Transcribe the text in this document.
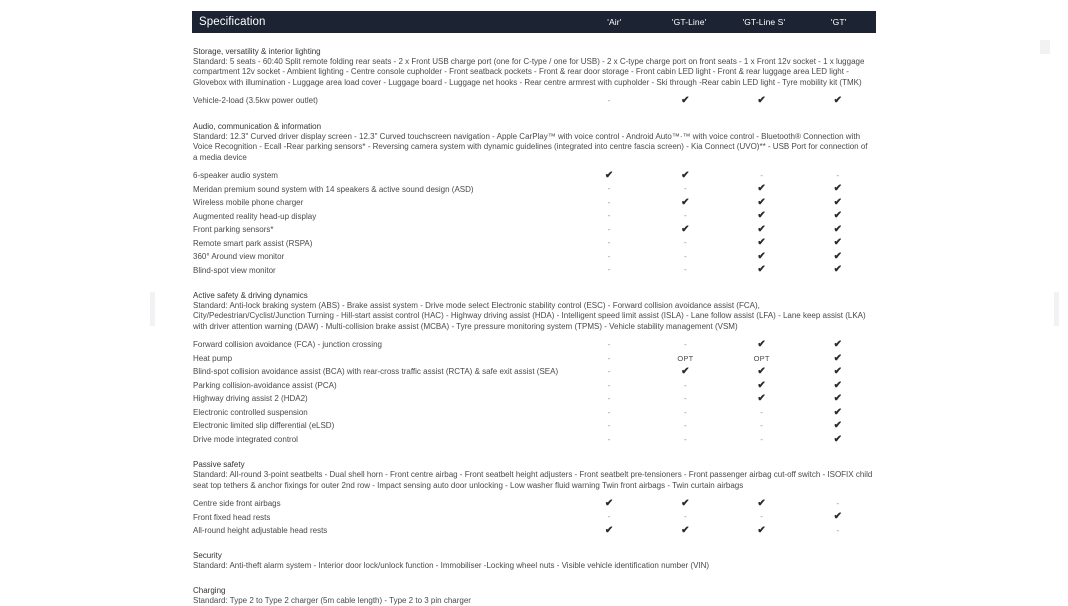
Specification	'Air'	'GT-Line'	'GT-Line S'	'GT'
Storage, versatility & interior lighting
Standard: 5 seats - 60:40 Split remote folding rear seats - 2 x Front USB charge port (one for C-type / one for USB) - 2 x C-type charge port on front seats - 1 x Front 12v socket - 1 x luggage compartment 12v socket - Ambient lighting - Centre console cupholder - Front seatback pockets - Front & rear door storage - Front cabin LED light - Front & rear luggage area LED light - Glovebox with illumination - Luggage area load cover - Luggage board - Luggage net hooks - Rear centre armrest with cupholder - Ski through -Rear cabin LED light - Tyre mobility kit (TMK)
Vehicle-2-load (3.5kw power outlet)	-	✔	✔	✔
Audio, communication & information
Standard: 12.3" Curved driver display screen - 12.3" Curved touchscreen navigation - Apple CarPlay™ with voice control - Android Auto™·™ with voice control - Bluetooth® Connection with Voice Recognition - Ecall -Rear parking sensors* - Reversing camera system with dynamic guidelines (integrated into centre fascia screen) - Kia Connect (UVO)** - USB Port for connection of a media device
6-speaker audio system	✔	✔	-	-
Meridan premium sound system with 14 speakers & active sound design (ASD)	-	-	✔	✔
Wireless mobile phone charger	-	✔	✔	✔
Augmented reality head-up display	-	-	✔	✔
Front parking sensors*	-	✔	✔	✔
Remote smart park assist (RSPA)	-	-	✔	✔
360° Around view monitor	-	-	✔	✔
Blind-spot view monitor	-	-	✔	✔
Active safety & driving dynamics
Standard: Anti-lock braking system (ABS) - Brake assist system - Drive mode select Electronic stability control (ESC) - Forward collision avoidance assist (FCA), City/Pedestrian/Cyclist/Junction Turning - Hill-start assist control (HAC) - Highway driving assist (HDA) - Intelligent speed limit assist (ISLA) - Lane follow assist (LFA) - Lane keep assist (LKA) with driver attention warning (DAW) - Multi-collision brake assist (MCBA) - Tyre pressure monitoring system (TPMS) - Vehicle stability management (VSM)
Forward collision avoidance (FCA) - junction crossing	-	-	✔	✔
Heat pump	-	OPT	OPT	✔
Blind-spot collision avoidance assist (BCA) with rear-cross traffic assist (RCTA) & safe exit assist (SEA)	-	✔	✔	✔
Parking collision-avoidance assist (PCA)	-	-	✔	✔
Highway driving assist 2 (HDA2)	-	-	✔	✔
Electronic controlled suspension	-	-	-	✔
Electronic limited slip differential (eLSD)	-	-	-	✔
Drive mode integrated control	-	-	-	✔
Passive safety
Standard: All-round 3-point seatbelts - Dual shell horn - Front centre airbag - Front seatbelt height adjusters - Front seatbelt pre-tensioners - Front passenger airbag cut-off switch - ISOFIX child seat top tethers & anchor fixings for outer 2nd row - Impact sensing auto door unlocking - Low washer fluid warning Twin front airbags - Twin curtain airbags
Centre side front airbags	✔	✔	✔	-
Front fixed head rests	-	-	-	✔
All-round height adjustable head rests	✔	✔	✔	-
Security
Standard: Anti-theft alarm system - Interior door lock/unlock function - Immobiliser -Locking wheel nuts - Visible vehicle identification number (VIN)
Charging
Standard: Type 2 to Type 2 charger (5m cable length) - Type 2 to 3 pin charger
